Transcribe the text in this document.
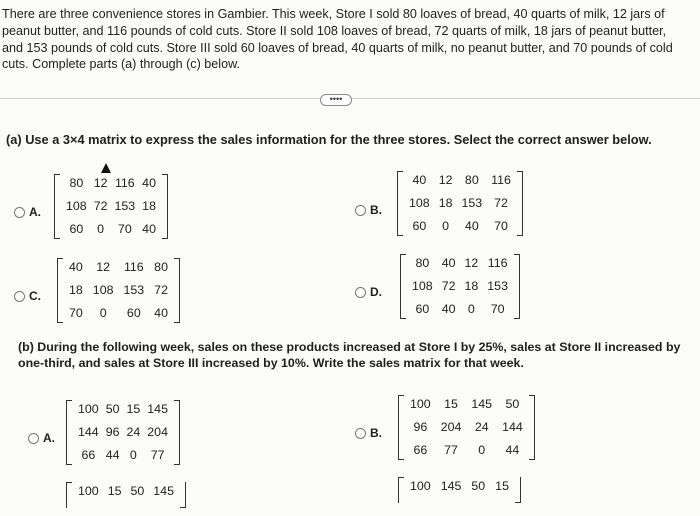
There are three convenience stores in Gambier. This week, Store I sold 80 loaves of bread, 40 quarts of milk, 12 jars of
peanut butter, and 116 pounds of cold cuts. Store II sold 108 loaves of bread, 72 quarts of milk, 18 jars of peanut butter,
and 153 pounds of cold cuts. Store III sold 60 loaves of bread, 40 quarts of milk, no peanut butter, and 70 pounds of cold
cuts. Complete parts (a) through (c) below.
••••
(a) Use a 3×4 matrix to express the sales information for the three stores. Select the correct answer below.
A.
80 12 116 40
108 72 153 18
60 0 70 40
B.
40 12 80 116
108 18 153 72
60 0 40 70
C.
40 12 116 80
18 108 153 72
70	0	60 40
D.
80 40 12 116
108 72 18 153
60 40 0 70
(b) During the following week, sales on these products increased at Store I by 25%, sales at Store II increased by
one-third, and sales at Store III increased by 10%. Write the sales matrix for that week.
A.
100 50 15 145
144 96 24 204
66 44 0 77
B.
100 15 145 50
96 204 24 144
66 77	0	44
100 15 50 145	100 145 50 15
